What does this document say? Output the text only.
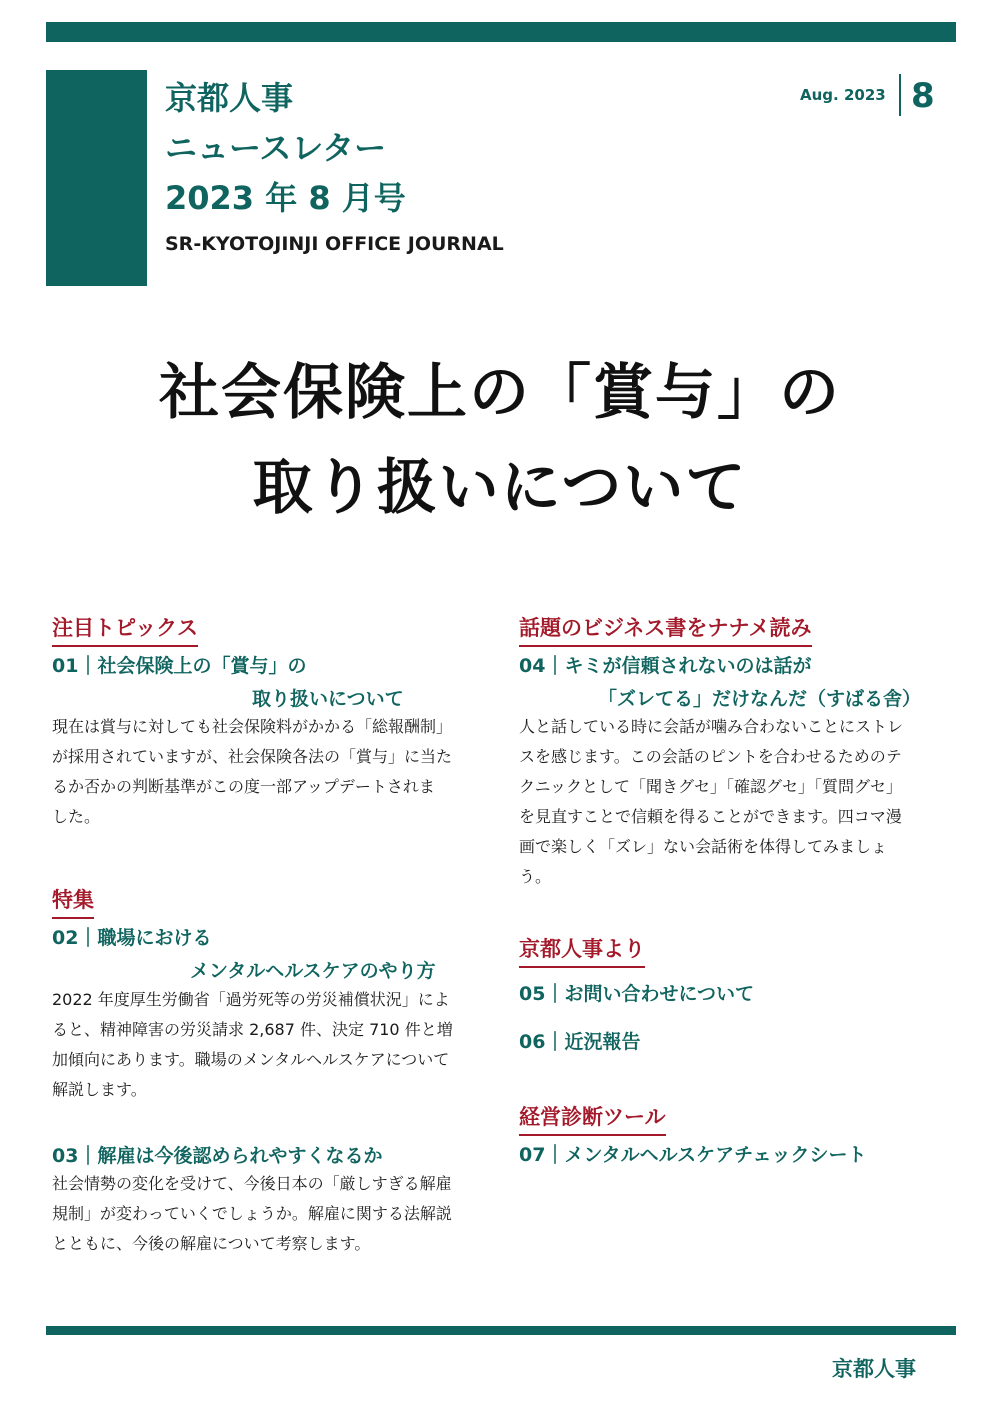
京都人事
ニュースレター
2023 年 8 月号
SR-KYOTOJINJI OFFICE JOURNAL
Aug. 2023 8
社会保険上の「賞与」の
取り扱いについて
注目トピックス
01｜社会保険上の「賞与」の
取り扱いについて
現在は賞与に対しても社会保険料がかかる「総報酬制」
が採用されていますが、社会保険各法の「賞与」に当た
るか否かの判断基準がこの度一部アップデートされま
した。
特集
02｜職場における
メンタルヘルスケアのやり方
2022 年度厚生労働省「過労死等の労災補償状況」によ
ると、精神障害の労災請求 2,687 件、決定 710 件と増
加傾向にあります。職場のメンタルヘルスケアについて
解説します。
03｜解雇は今後認められやすくなるか
社会情勢の変化を受けて、今後日本の「厳しすぎる解雇
規制」が変わっていくでしょうか。解雇に関する法解説
とともに、今後の解雇について考察します。
話題のビジネス書をナナメ読み
04｜キミが信頼されないのは話が
「ズレてる」だけなんだ（すばる舎）
人と話している時に会話が噛み合わないことにストレ
スを感じます。この会話のピントを合わせるためのテ
クニックとして「聞きグセ」「確認グセ」「質問グセ」
を見直すことで信頼を得ることができます。四コマ漫
画で楽しく「ズレ」ない会話術を体得してみましょ
う。
京都人事より
05｜お問い合わせについて
06｜近況報告
経営診断ツール
07｜メンタルヘルスケアチェックシート
京都人事
